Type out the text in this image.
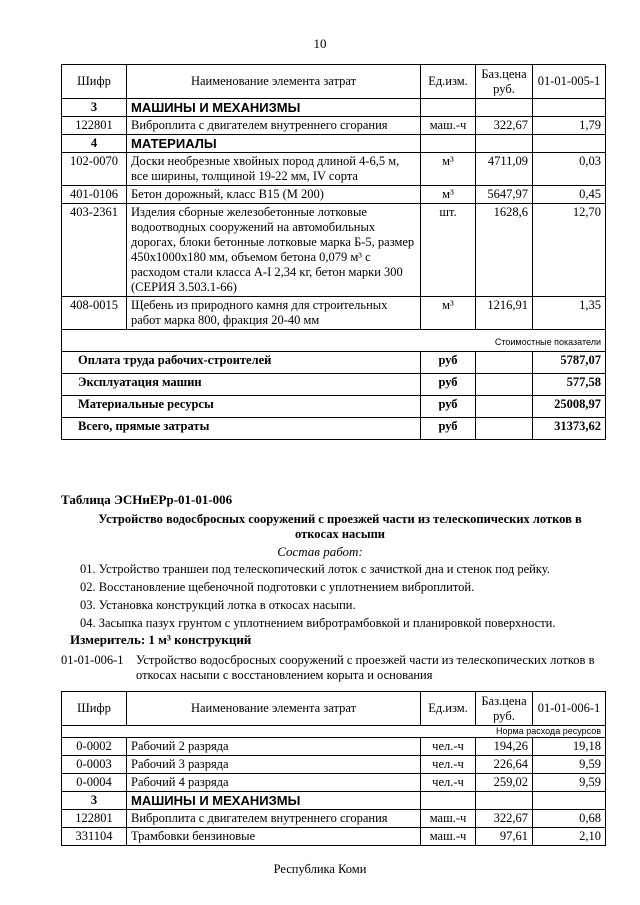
10
Шифр	Наименование элемента затрат	Ед.изм.	Баз.цена руб.	01-01-005-1
3	МАШИНЫ И МЕХАНИЗМЫ			
122801	Виброплита с двигателем внутреннего сгорания	маш.-ч	322,67	1,79
4	МАТЕРИАЛЫ			
102-0070	Доски необрезные хвойных пород длиной 4-6,5 м, все ширины, толщиной 19-22 мм, IV сорта	м³	4711,09	0,03
401-0106	Бетон дорожный, класс В15 (М 200)	м³	5647,97	0,45
403-2361	Изделия сборные железобетонные лотковые водоотводных сооружений на автомобильных дорогах, блоки бетонные лотковые марка Б-5, размер 450x1000x180 мм, объемом бетона 0,079 м³ с расходом стали класса А-I 2,34 кг, бетон марки 300 (СЕРИЯ 3.503.1-66)	шт.	1628,6	12,70
408-0015	Щебень из природного камня для строительных работ марка 800, фракция 20-40 мм	м³	1216,91	1,35
Стоимостные показатели				
Оплата труда рабочих-строителей		руб		5787,07
Эксплуатация машин		руб		577,58
Материальные ресурсы		руб		25008,97
Всего, прямые затраты		руб		31373,62
Таблица ЭСНиЕРр-01-01-006
Устройство водосбросных сооружений с проезжей части из телескопических лотков в откосах насыпи
Состав работ:
01. Устройство траншеи под телескопический лоток с зачисткой дна и стенок под рейку.
02. Восстановление щебеночной подготовки с уплотнением виброплитой.
03. Установка конструкций лотка в откосах насыпи.
04. Засыпка пазух грунтом с уплотнением вибротрамбовкой и планировкой поверхности.
Измеритель: 1 м³ конструкций
01-01-006-1 Устройство водосбросных сооружений с проезжей части из телескопических лотков в откосах насыпи с восстановлением корыта и основания
Шифр	Наименование элемента затрат	Ед.изм.	Баз.цена руб.	01-01-006-1
Норма расхода ресурсов				
0-0002	Рабочий 2 разряда	чел.-ч	194,26	19,18
0-0003	Рабочий 3 разряда	чел.-ч	226,64	9,59
0-0004	Рабочий 4 разряда	чел.-ч	259,02	9,59
3	МАШИНЫ И МЕХАНИЗМЫ			
122801	Виброплита с двигателем внутреннего сгорания	маш.-ч	322,67	0,68
331104	Трамбовки бензиновые	маш.-ч	97,61	2,10
Республика Коми
